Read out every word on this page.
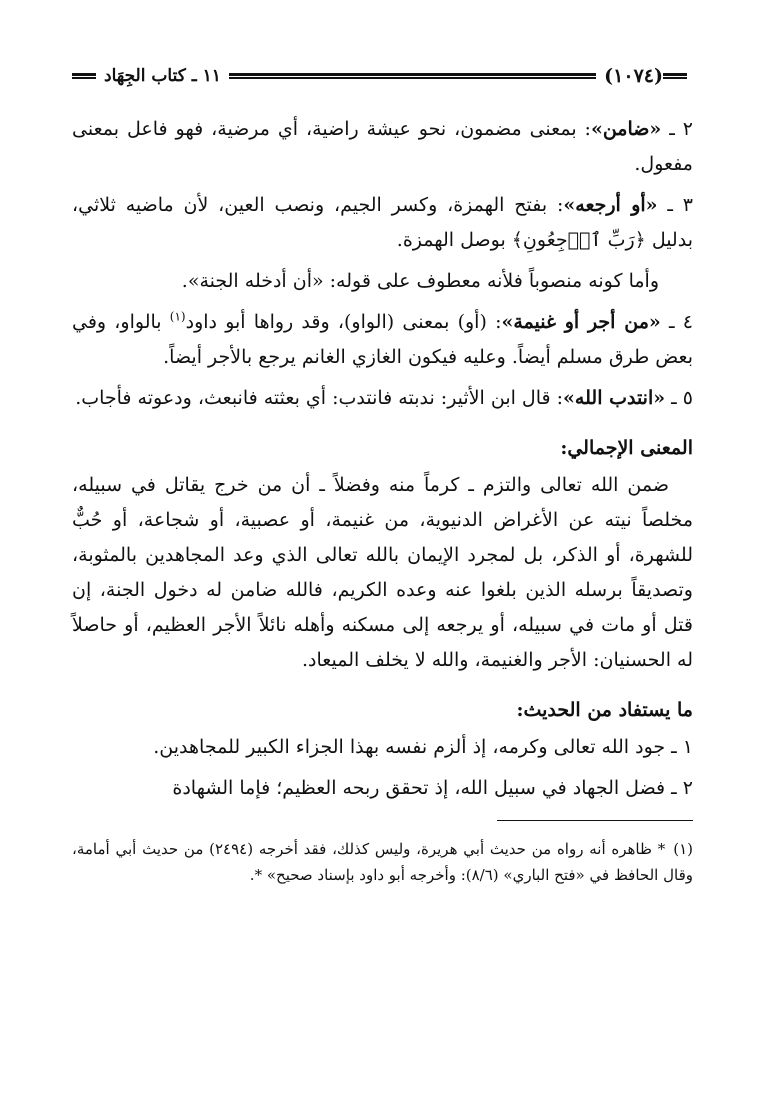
(١٠٧٤)
١١ ـ كتاب الجِهَاد

٢ ـ «ضامن»: بمعنى مضمون، نحو عيشة راضية، أي مرضية، فهو فاعل بمعنى مفعول.

٣ ـ «أو أرجعه»: بفتح الهمزة، وكسر الجيم، ونصب العين، لأن ماضيه ثلاثي، بدليل ﴿رَبِّ ٱرۡجِعُونِ﴾ بوصل الهمزة.

وأما كونه منصوباً فلأنه معطوف على قوله: «أن أدخله الجنة».

٤ ـ «من أجر أو غنيمة»: (أو) بمعنى (الواو)، وقد رواها أبو داود$^{(١)}$ بالواو، وفي بعض طرق مسلم أيضاً. وعليه فيكون الغازي الغانم يرجع بالأجر أيضاً.

٥ ـ «انتدب الله»: قال ابن الأثير: ندبته فانتدب: أي بعثته فانبعث، ودعوته فأجاب.

المعنى الإجمالي:

ضمن الله تعالى والتزم ـ كرماً منه وفضلاً ـ أن من خرج يقاتل في سبيله، مخلصاً نيته عن الأغراض الدنيوية، من غنيمة، أو عصبية، أو شجاعة، أو حُبٌّ للشهرة، أو الذكر، بل لمجرد الإيمان بالله تعالى الذي وعد المجاهدين بالمثوبة، وتصديقاً برسله الذين بلغوا عنه وعده الكريم، فالله ضامن له دخول الجنة، إن قتل أو مات في سبيله، أو يرجعه إلى مسكنه وأهله نائلاً الأجر العظيم، أو حاصلاً له الحسنيان: الأجر والغنيمة، والله لا يخلف الميعاد.

ما يستفاد من الحديث:

١ ـ جود الله تعالى وكرمه، إذ ألزم نفسه بهذا الجزاء الكبير للمجاهدين.

٢ ـ فضل الجهاد في سبيل الله، إذ تحقق ربحه العظيم؛ فإما الشهادة

(١)* ظاهره أنه رواه من حديث أبي هريرة، وليس كذلك، فقد أخرجه (٢٤٩٤) من حديث أبي أمامة، وقال الحافظ في «فتح الباري» (٨/٦): وأخرجه أبو داود بإسناد صحيح» *.
